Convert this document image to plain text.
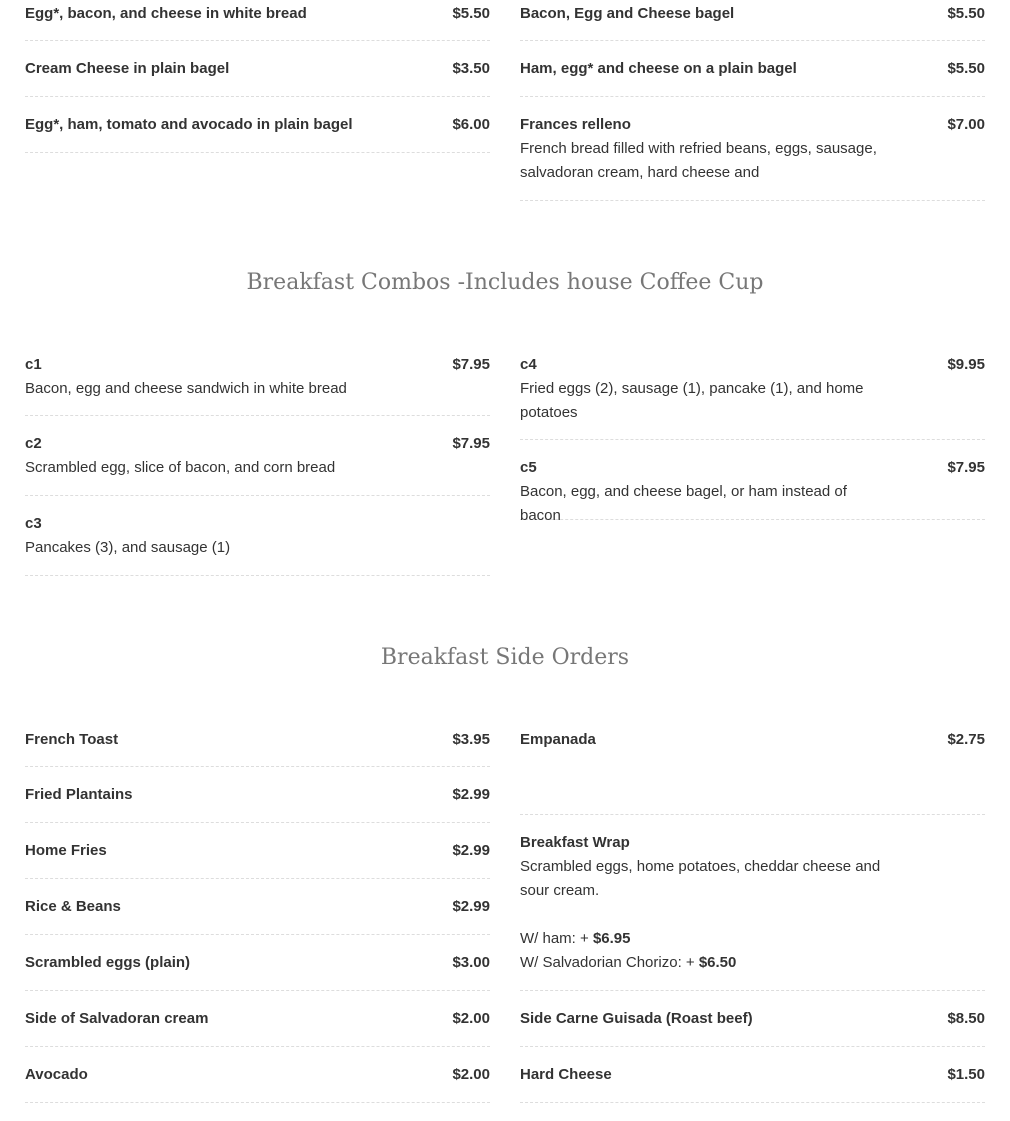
Egg*, bacon, and cheese in white bread	$5.50
Cream Cheese in plain bagel	$3.50
Egg*, ham, tomato and avocado in plain bagel	$6.00
Bacon, Egg and Cheese bagel	$5.50
Ham, egg* and cheese on a plain bagel	$5.50
Frances relleno	$7.00
French bread filled with refried beans, eggs, sausage, salvadoran cream, hard cheese and
Breakfast Combos -Includes house Coffee Cup
c1	$7.95
Bacon, egg and cheese sandwich in white bread
c2	$7.95
Scrambled egg, slice of bacon, and corn bread
c3
Pancakes (3), and sausage (1)
c4	$9.95
Fried eggs (2), sausage (1), pancake (1), and home potatoes
c5	$7.95
Bacon, egg, and cheese bagel, or ham instead of bacon
Breakfast Side Orders
French Toast	$3.95
Fried Plantains	$2.99
Home Fries	$2.99
Rice & Beans	$2.99
Scrambled eggs (plain)	$3.00
Side of Salvadoran cream	$2.00
Avocado	$2.00
Empanada	$2.75
Breakfast Wrap
Scrambled eggs, home potatoes, cheddar cheese and sour cream.
W/ ham: + $6.95
W/ Salvadorian Chorizo: + $6.50
Side Carne Guisada (Roast beef)	$8.50
Hard Cheese	$1.50
